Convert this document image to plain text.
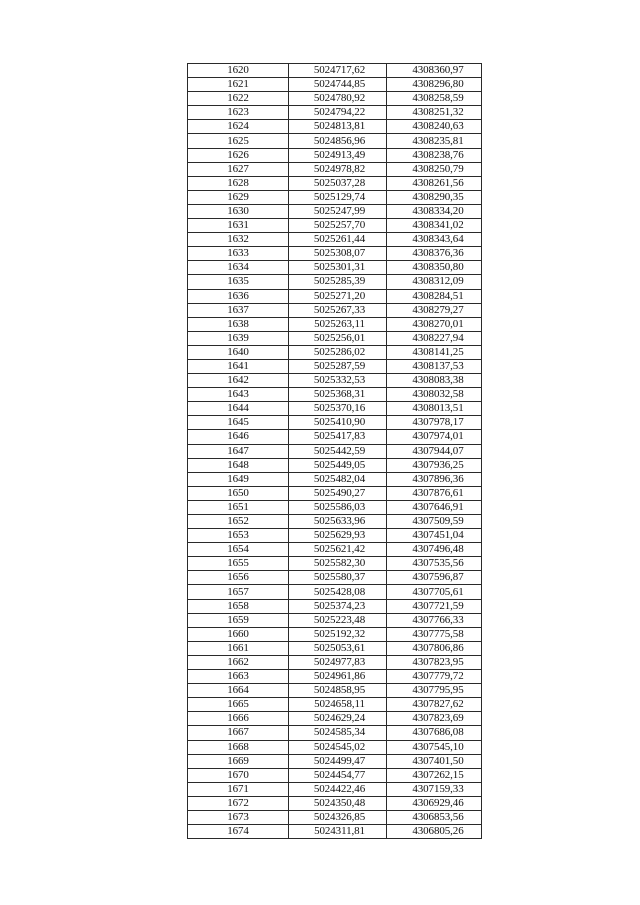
1620	5024717,62	4308360,97
1621	5024744,85	4308296,80
1622	5024780,92	4308258,59
1623	5024794,22	4308251,32
1624	5024813,81	4308240,63
1625	5024856,96	4308235,81
1626	5024913,49	4308238,76
1627	5024978,82	4308250,79
1628	5025037,28	4308261,56
1629	5025129,74	4308290,35
1630	5025247,99	4308334,20
1631	5025257,70	4308341,02
1632	5025261,44	4308343,64
1633	5025308,07	4308376,36
1634	5025301,31	4308350,80
1635	5025285,39	4308312,09
1636	5025271,20	4308284,51
1637	5025267,33	4308279,27
1638	5025263,11	4308270,01
1639	5025256,01	4308227,94
1640	5025286,02	4308141,25
1641	5025287,59	4308137,53
1642	5025332,53	4308083,38
1643	5025368,31	4308032,58
1644	5025370,16	4308013,51
1645	5025410,90	4307978,17
1646	5025417,83	4307974,01
1647	5025442,59	4307944,07
1648	5025449,05	4307936,25
1649	5025482,04	4307896,36
1650	5025490,27	4307876,61
1651	5025586,03	4307646,91
1652	5025633,96	4307509,59
1653	5025629,93	4307451,04
1654	5025621,42	4307496,48
1655	5025582,30	4307535,56
1656	5025580,37	4307596,87
1657	5025428,08	4307705,61
1658	5025374,23	4307721,59
1659	5025223,48	4307766,33
1660	5025192,32	4307775,58
1661	5025053,61	4307806,86
1662	5024977,83	4307823,95
1663	5024961,86	4307779,72
1664	5024858,95	4307795,95
1665	5024658,11	4307827,62
1666	5024629,24	4307823,69
1667	5024585,34	4307686,08
1668	5024545,02	4307545,10
1669	5024499,47	4307401,50
1670	5024454,77	4307262,15
1671	5024422,46	4307159,33
1672	5024350,48	4306929,46
1673	5024326,85	4306853,56
1674	5024311,81	4306805,26
